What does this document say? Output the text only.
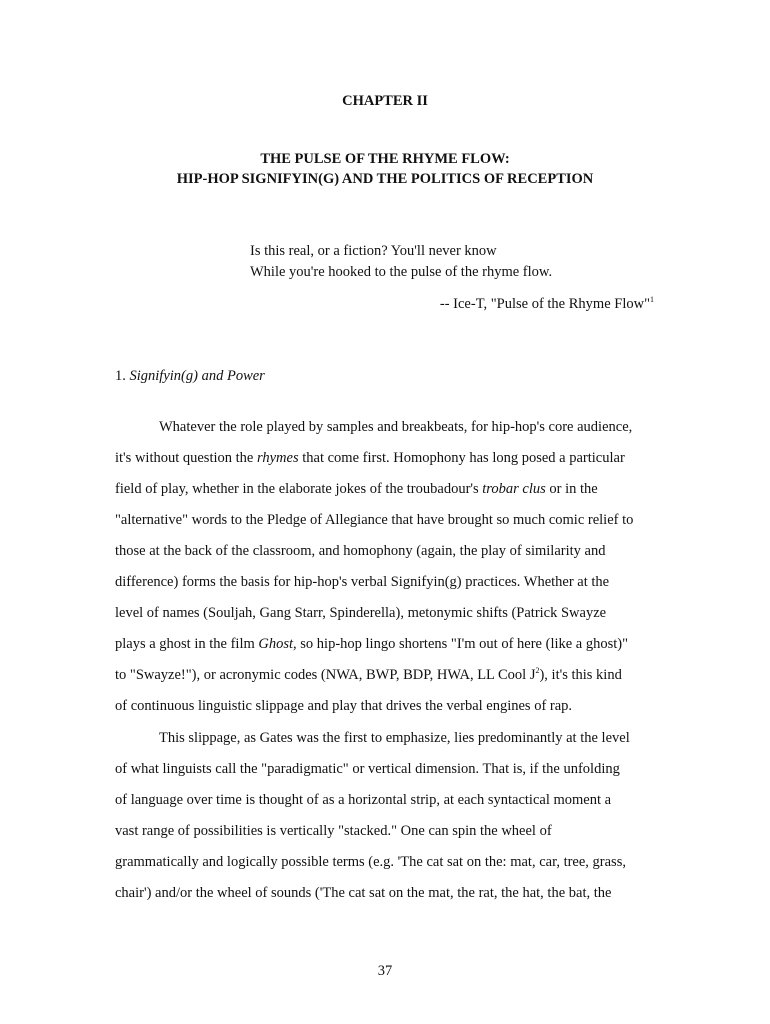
CHAPTER II
THE PULSE OF THE RHYME FLOW:
HIP-HOP SIGNIFYIN(G) AND THE POLITICS OF RECEPTION
Is this real, or a fiction? You'll never know
While you're hooked to the pulse of the rhyme flow.
-- Ice-T, "Pulse of the Rhyme Flow"$^1$
1. Signifyin(g) and Power
Whatever the role played by samples and breakbeats, for hip-hop's core audience,
it's without question the rhymes that come first. Homophony has long posed a particular
field of play, whether in the elaborate jokes of the troubadour's trobar clus or in the
"alternative" words to the Pledge of Allegiance that have brought so much comic relief to
those at the back of the classroom, and homophony (again, the play of similarity and
difference) forms the basis for hip-hop's verbal Signifyin(g) practices. Whether at the
level of names (Souljah, Gang Starr, Spinderella), metonymic shifts (Patrick Swayze
plays a ghost in the film Ghost, so hip-hop lingo shortens "I'm out of here (like a ghost)"
to "Swayze!"), or acronymic codes (NWA, BWP, BDP, HWA, LL Cool J$^2$), it's this kind
of continuous linguistic slippage and play that drives the verbal engines of rap.
This slippage, as Gates was the first to emphasize, lies predominantly at the level
of what linguists call the "paradigmatic" or vertical dimension. That is, if the unfolding
of language over time is thought of as a horizontal strip, at each syntactical moment a
vast range of possibilities is vertically "stacked." One can spin the wheel of
grammatically and logically possible terms (e.g. 'The cat sat on the: mat, car, tree, grass,
chair') and/or the wheel of sounds ('The cat sat on the mat, the rat, the hat, the bat, the
37
